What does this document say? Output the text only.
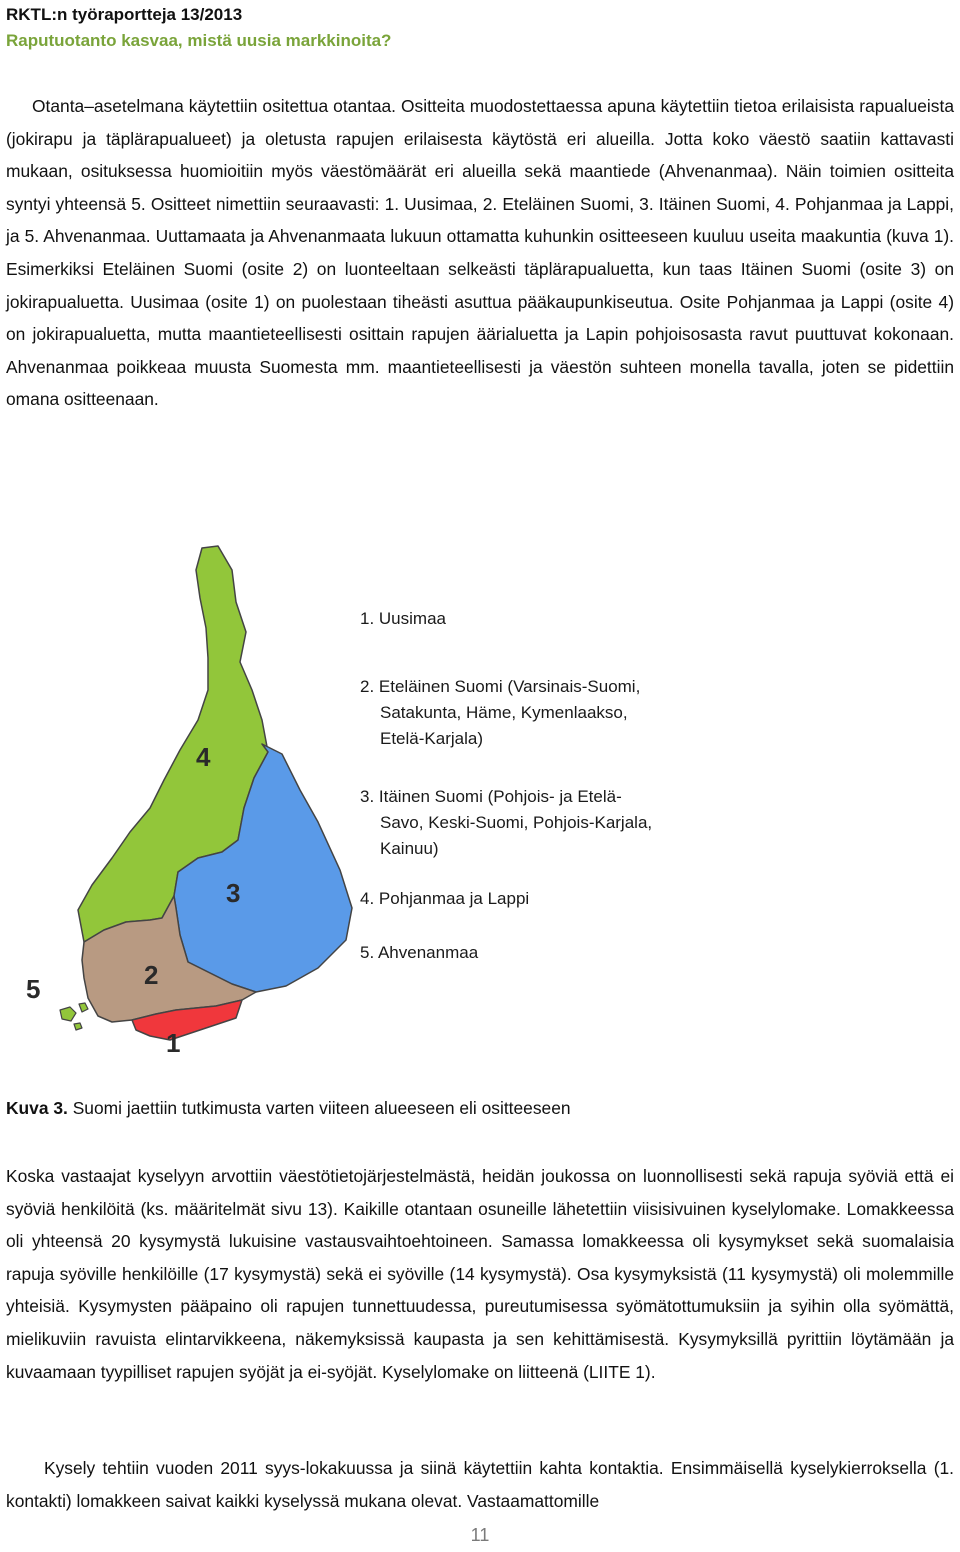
RKTL:n työraportteja 13/2013
Raputuotanto kasvaa, mistä uusia markkinoita?

Otanta–asetelmana käytettiin ositettua otantaa. Ositteita muodostettaessa apuna käytettiin tietoa erilaisista rapualueista (jokirapu ja täplärapualueet) ja oletusta rapujen erilaisesta käytöstä eri alueilla. Jotta koko väestö saatiin kattavasti mukaan, osituksessa huomioitiin myös väestömäärät eri alueilla sekä maantiede (Ahvenanmaa). Näin toimien ositteita syntyi yhteensä 5. Ositteet nimettiin seuraavasti: 1. Uusimaa, 2. Eteläinen Suomi, 3. Itäinen Suomi, 4. Pohjanmaa ja Lappi, ja 5. Ahvenanmaa. Uuttamaata ja Ahvenanmaata lukuun ottamatta kuhunkin ositteeseen kuuluu useita maakuntia (kuva 1). Esimerkiksi Eteläinen Suomi (osite 2) on luonteeltaan selkeästi täplärapualuetta, kun taas Itäinen Suomi (osite 3) on jokirapualuetta. Uusimaa (osite 1) on puolestaan tiheästi asuttua pääkaupunkiseutua. Osite Pohjanmaa ja Lappi (osite 4) on jokirapualuetta, mutta maantieteellisesti osittain rapujen äärialuetta ja Lapin pohjoisosasta ravut puuttuvat kokonaan. Ahvenanmaa poikkeaa muusta Suomesta mm. maantieteellisesti ja väestön suhteen monella tavalla, joten se pidettiin omana ositteenaan.

4
3
2
1
5
1. Uusimaa
2. Eteläinen Suomi (Varsinais-Suomi,
Satakunta, Häme, Kymenlaakso,
Etelä-Karjala)
3. Itäinen Suomi (Pohjois- ja Etelä-
Savo, Keski-Suomi, Pohjois-Karjala,
Kainuu)
4. Pohjanmaa ja Lappi
5. Ahvenanmaa
Kuva 3. Suomi jaettiin tutkimusta varten viiteen alueeseen eli ositteeseen

Koska vastaajat kyselyyn arvottiin väestötietojärjestelmästä, heidän joukossa on luonnollisesti sekä rapuja syöviä että ei syöviä henkilöitä (ks. määritelmät sivu 13). Kaikille otantaan osuneille lähetettiin viisisivuinen kyselylomake. Lomakkeessa oli yhteensä 20 kysymystä lukuisine vastausvaihtoehtoineen. Samassa lomakkeessa oli kysymykset sekä suomalaisia rapuja syöville henkilöille (17 kysymystä) sekä ei syöville (14 kysymystä). Osa kysymyksistä (11 kysymystä) oli molemmille yhteisiä. Kysymysten pääpaino oli rapujen tunnettuudessa, pureutumisessa syömätottumuksiin ja syihin olla syömättä, mielikuviin ravuista elintarvikkeena, näkemyksissä kaupasta ja sen kehittämisestä. Kysymyksillä pyrittiin löytämään ja kuvaamaan tyypilliset rapujen syöjät ja ei-syöjät. Kyselylomake on liitteenä (LIITE 1).

Kysely tehtiin vuoden 2011 syys-lokakuussa ja siinä käytettiin kahta kontaktia. Ensimmäisellä kyselykierroksella (1. kontakti) lomakkeen saivat kaikki kyselyssä mukana olevat. Vastaamattomille

11
